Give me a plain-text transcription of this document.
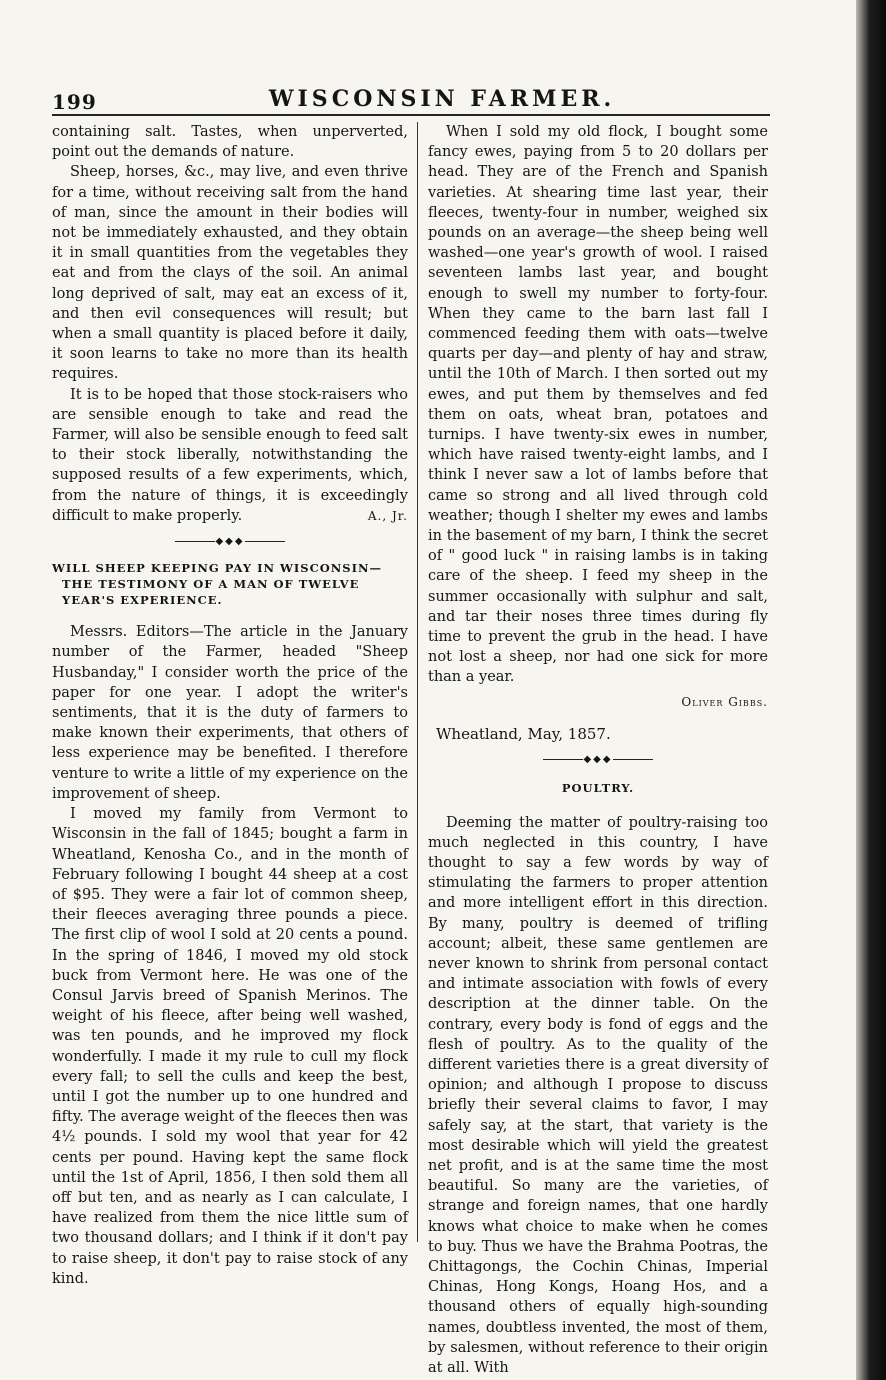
199	WISCONSIN FARMER.

containing salt. Tastes, when unperverted, point out the demands of nature.

Sheep, horses, &c., may live, and even thrive for a time, without receiving salt from the hand of man, since the amount in their bodies will not be immediately exhausted, and they obtain it in small quantities from the vegetables they eat and from the clays of the soil. An animal long deprived of salt, may eat an excess of it, and then evil consequences will result; but when a small quantity is placed before it daily, it soon learns to take no more than its health requires.

It is to be hoped that those stock-raisers who are sensible enough to take and read the Farmer, will also be sensible enough to feed salt to their stock liberally, notwithstanding the supposed results of a few experiments, which, from the nature of things, it is exceedingly difficult to make properly.	A., Jr.

◆◆◆
WILL SHEEP KEEPING PAY IN WISCONSIN—

THE TESTIMONY OF A MAN OF TWELVE
YEAR'S EXPERIENCE.

Messrs. Editors—The article in the January number of the Farmer, headed "Sheep Husbanday," I consider worth the price of the paper for one year. I adopt the writer's sentiments, that it is the duty of farmers to make known their experiments, that others of less experience may be benefited. I therefore venture to write a little of my experience on the improvement of sheep.

I moved my family from Vermont to Wisconsin in the fall of 1845; bought a farm in Wheatland, Kenosha Co., and in the month of February following I bought 44 sheep at a cost of $95. They were a fair lot of common sheep, their fleeces averaging three pounds a piece. The first clip of wool I sold at 20 cents a pound. In the spring of 1846, I moved my old stock buck from Vermont here. He was one of the Consul Jarvis breed of Spanish Merinos. The weight of his fleece, after being well washed, was ten pounds, and he improved my flock wonderfully. I made it my rule to cull my flock every fall; to sell the culls and keep the best, until I got the number up to one hundred and fifty. The average weight of the fleeces then was 4½ pounds. I sold my wool that year for 42 cents per pound. Having kept the same flock until the 1st of April, 1856, I then sold them all off but ten, and as nearly as I can calculate, I have realized from them the nice little sum of two thousand dollars; and I think if it don't pay to raise sheep, it don't pay to raise stock of any kind.

When I sold my old flock, I bought some fancy ewes, paying from 5 to 20 dollars per head. They are of the French and Spanish varieties. At shearing time last year, their fleeces, twenty-four in number, weighed six pounds on an average—the sheep being well washed—one year's growth of wool. I raised seventeen lambs last year, and bought enough to swell my number to forty-four. When they came to the barn last fall I commenced feeding them with oats—twelve quarts per day—and plenty of hay and straw, until the 10th of March. I then sorted out my ewes, and put them by themselves and fed them on oats, wheat bran, potatoes and turnips. I have twenty-six ewes in number, which have raised twenty-eight lambs, and I think I never saw a lot of lambs before that came so strong and all lived through cold weather; though I shelter my ewes and lambs in the basement of my barn, I think the secret of " good luck " in raising lambs is in taking care of the sheep. I feed my sheep in the summer occasionally with sulphur and salt, and tar their noses three times during fly time to prevent the grub in the head. I have not lost a sheep, nor had one sick for more than a year.

Oliver Gibbs.
Wheatland, May, 1857.
◆◆◆
POULTRY.

Deeming the matter of poultry-raising too much neglected in this country, I have thought to say a few words by way of stimulating the farmers to proper attention and more intelligent effort in this direction. By many, poultry is deemed of trifling account; albeit, these same gentlemen are never known to shrink from personal contact and intimate association with fowls of every description at the dinner table. On the contrary, every body is fond of eggs and the flesh of poultry. As to the quality of the different varieties there is a great diversity of opinion; and although I propose to discuss briefly their several claims to favor, I may safely say, at the start, that variety is the most desirable which will yield the greatest net profit, and is at the same time the most beautiful. So many are the varieties, of strange and foreign names, that one hardly knows what choice to make when he comes to buy. Thus we have the Brahma Pootras, the Chittagongs, the Cochin Chinas, Imperial Chinas, Hong Kongs, Hoang Hos, and a thousand others of equally high-sounding names, doubtless invented, the most of them, by salesmen, without reference to their origin at all. With
